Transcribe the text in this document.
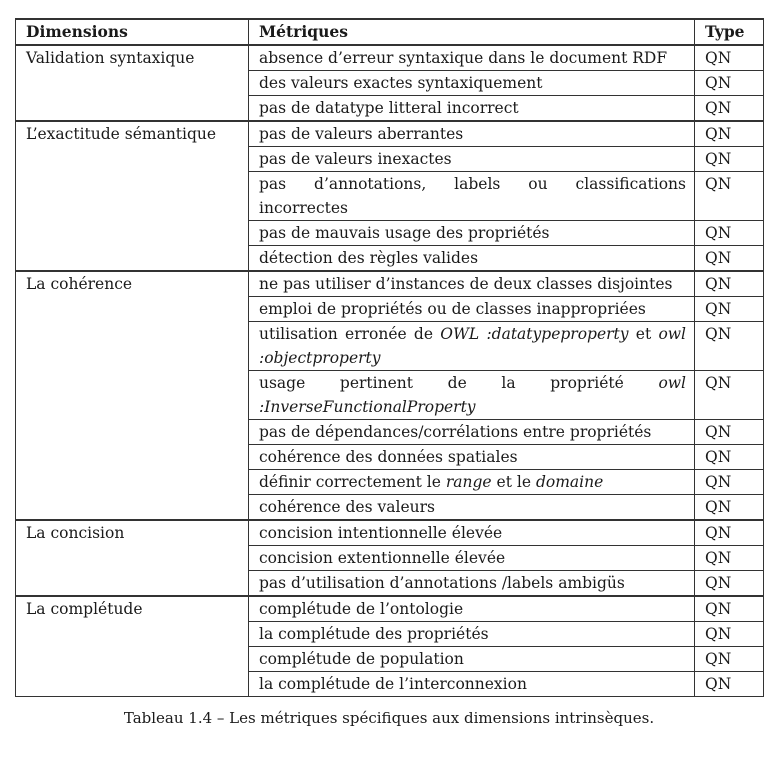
Dimensions	Métriques	Type
Validation syntaxique	absence d’erreur syntaxique dans le document RDF	QN
	des valeurs exactes syntaxiquement	QN
	pas de datatype litteral incorrect	QN
L’exactitude sémantique	pas de valeurs aberrantes	QN
	pas de valeurs inexactes	QN
	pas d’annotations, labels ou classifications incorrectes	QN
	pas de mauvais usage des propriétés	QN
	détection des règles valides	QN
La cohérence	ne pas utiliser d’instances de deux classes disjointes	QN
	emploi de propriétés ou de classes inappropriées	QN
	utilisation erronée de OWL :datatypeproperty et owl :objectproperty	QN
	usage pertinent de la propriété owl :InverseFunctionalProperty	QN
	pas de dépendances/corrélations entre propriétés	QN
	cohérence des données spatiales	QN
	définir correctement le range et le domaine	QN
	cohérence des valeurs	QN
La concision	concision intentionnelle élevée	QN
	concision extentionnelle élevée	QN
	pas d’utilisation d’annotations /labels ambigüs	QN
La complétude	complétude de l’ontologie	QN
	la complétude des propriétés	QN
	complétude de population	QN
	la complétude de l’interconnexion	QN
Tableau 1.4 – Les métriques spécifiques aux dimensions intrinsèques.
